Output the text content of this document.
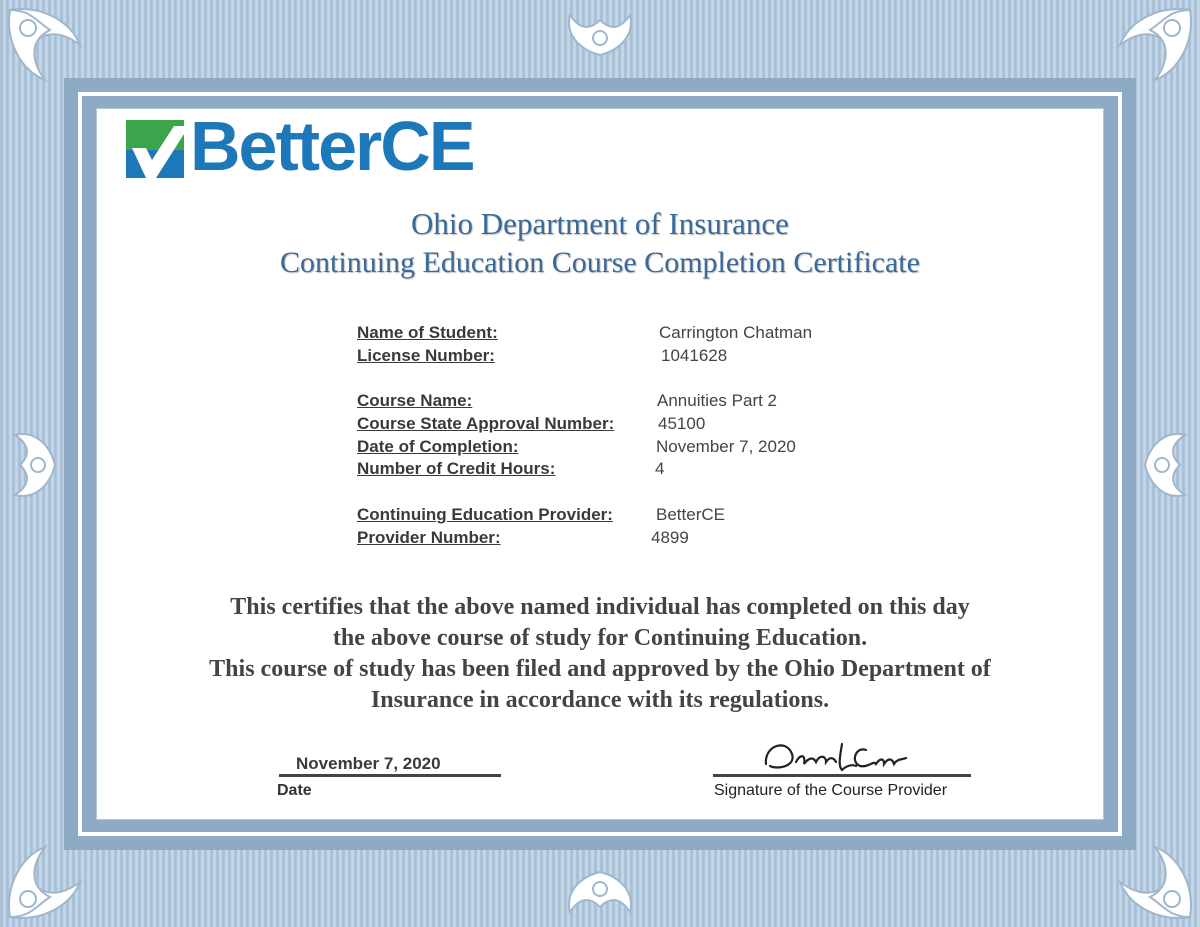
BetterCE
Ohio Department of Insurance
Continuing Education Course Completion Certificate
Name of Student:	Carrington Chatman
License Number:	1041628
Course Name:	Annuities Part 2
Course State Approval Number:	45100
Date of Completion:	November 7, 2020
Number of Credit Hours:	4
Continuing Education Provider:	BetterCE
Provider Number:	4899
This certifies that the above named individual has completed on this day
the above course of study for Continuing Education.
This course of study has been filed and approved by the Ohio Department of
Insurance in accordance with its regulations.
November 7, 2020
Date	Signature of the Course Provider
